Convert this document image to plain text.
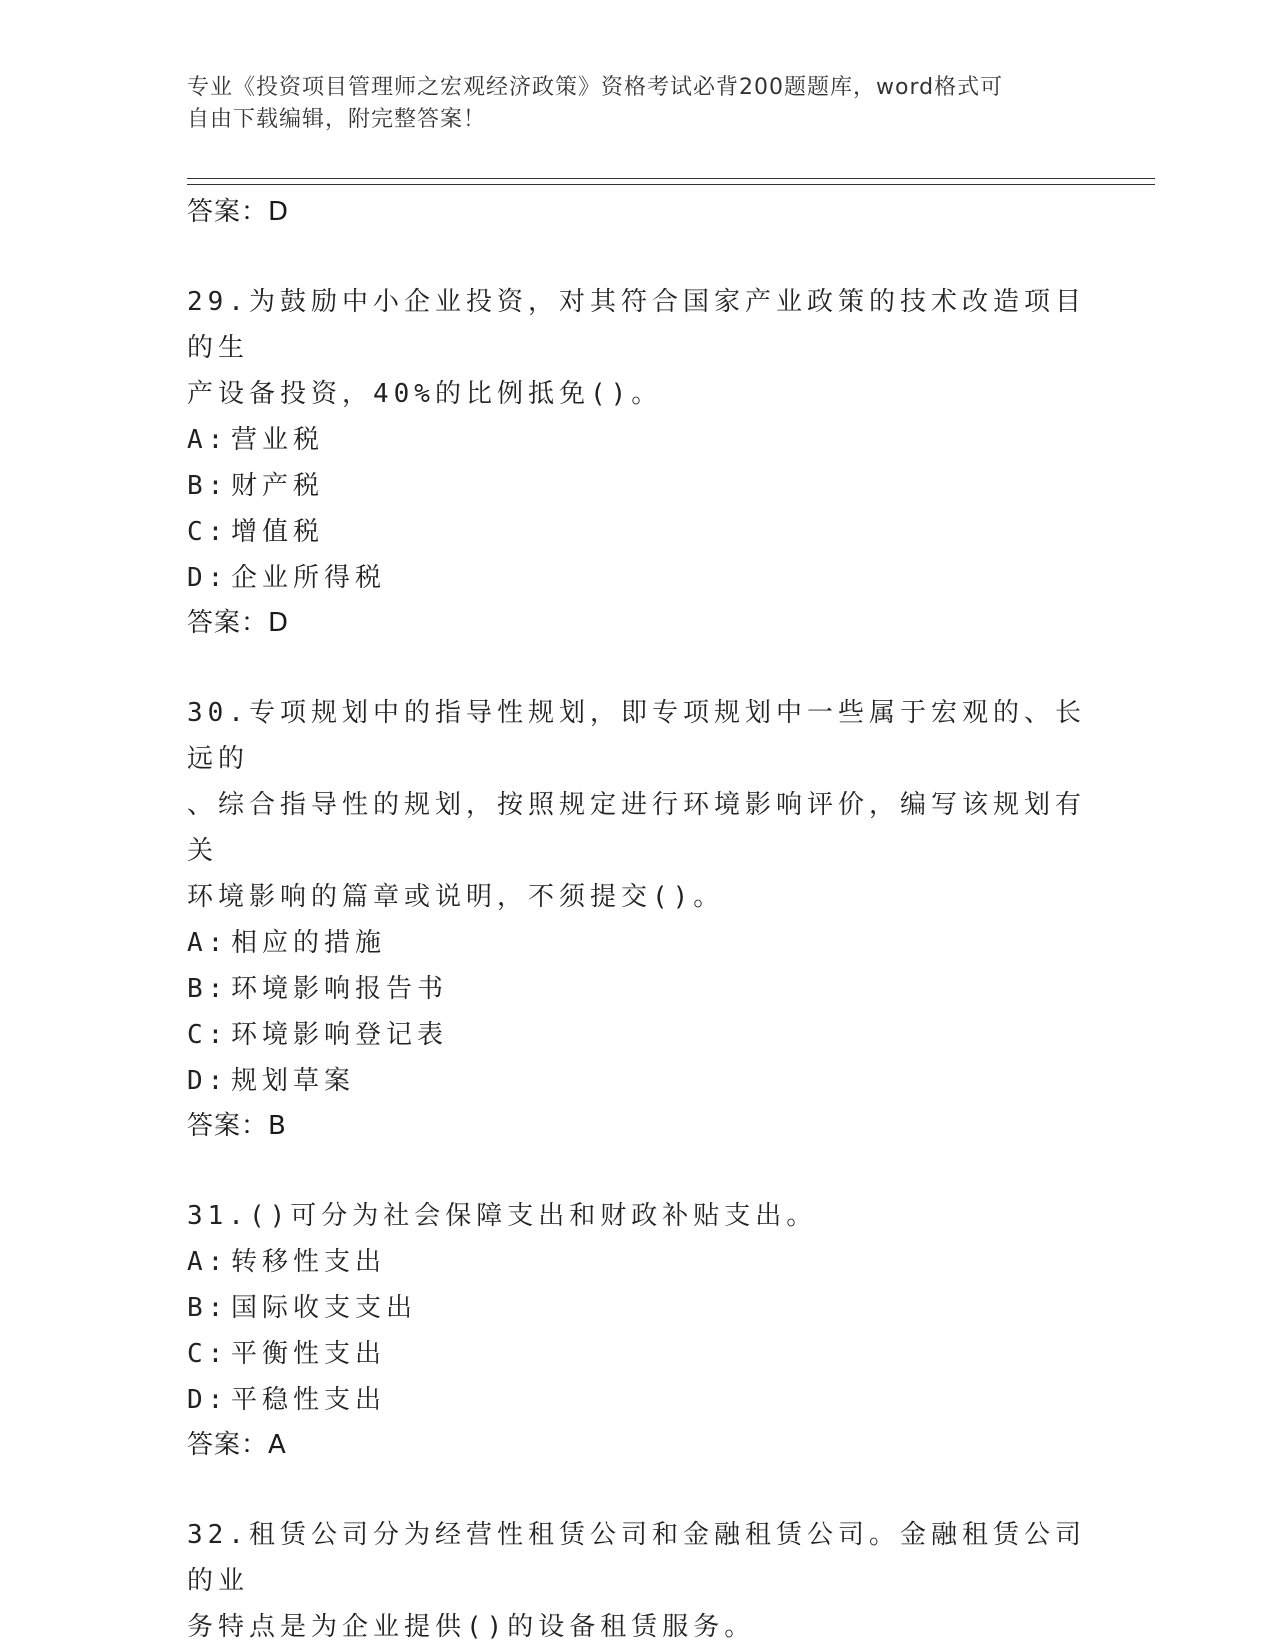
专业《投资项目管理师之宏观经济政策》资格考试必背200题题库，word格式可
自由下载编辑，附完整答案！
答案：D
29.为鼓励中小企业投资，对其符合国家产业政策的技术改造项目的生
产设备投资，40%的比例抵免()。
A: 营业税
B: 财产税
C: 增值税
D: 企业所得税
答案：D
30.专项规划中的指导性规划，即专项规划中一些属于宏观的、长远的
、综合指导性的规划，按照规定进行环境影响评价，编写该规划有关
环境影响的篇章或说明，不须提交()。
A: 相应的措施
B: 环境影响报告书
C: 环境影响登记表
D: 规划草案
答案：B
31.()可分为社会保障支出和财政补贴支出。
A: 转移性支出
B: 国际收支支出
C: 平衡性支出
D: 平稳性支出
答案：A
32.租赁公司分为经营性租赁公司和金融租赁公司。金融租赁公司的业
务特点是为企业提供()的设备租赁服务。
